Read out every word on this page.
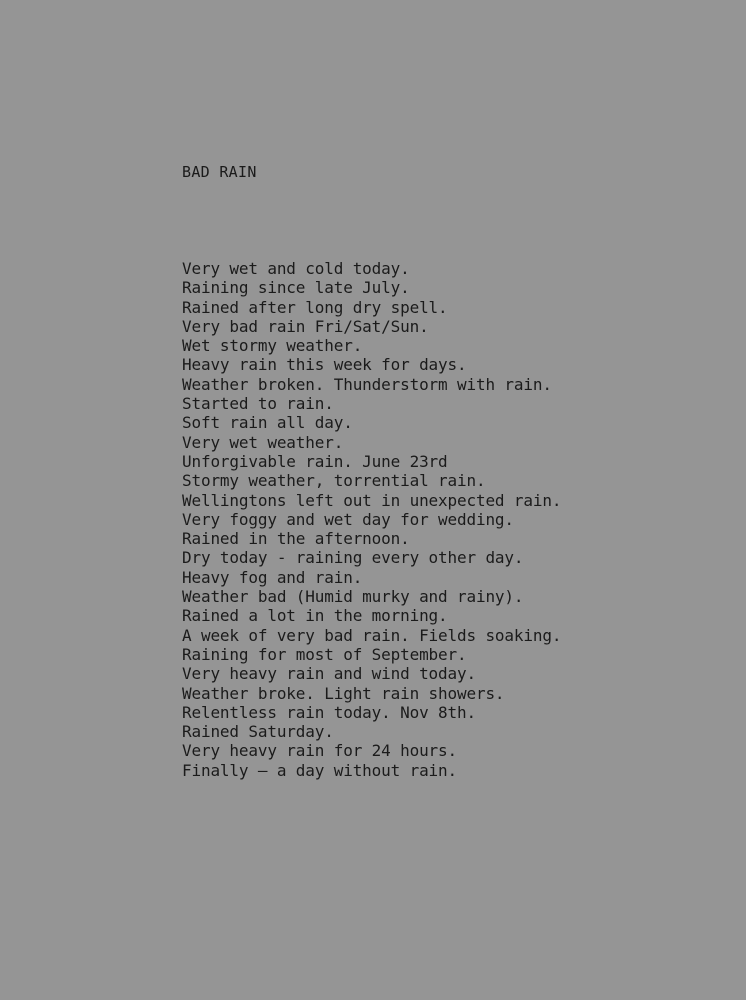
BAD RAIN
Very wet and cold today.
Raining since late July.
Rained after long dry spell.
Very bad rain Fri/Sat/Sun.
Wet stormy weather.
Heavy rain this week for days.
Weather broken. Thunderstorm with rain.
Started to rain.
Soft rain all day.
Very wet weather.
Unforgivable rain. June 23rd
Stormy weather, torrential rain.
Wellingtons left out in unexpected rain.
Very foggy and wet day for wedding.
Rained in the afternoon.
Dry today - raining every other day.
Heavy fog and rain.
Weather bad (Humid murky and rainy).
Rained a lot in the morning.
A week of very bad rain. Fields soaking.
Raining for most of September.
Very heavy rain and wind today.
Weather broke. Light rain showers.
Relentless rain today. Nov 8th.
Rained Saturday.
Very heavy rain for 24 hours.
Finally — a day without rain.
